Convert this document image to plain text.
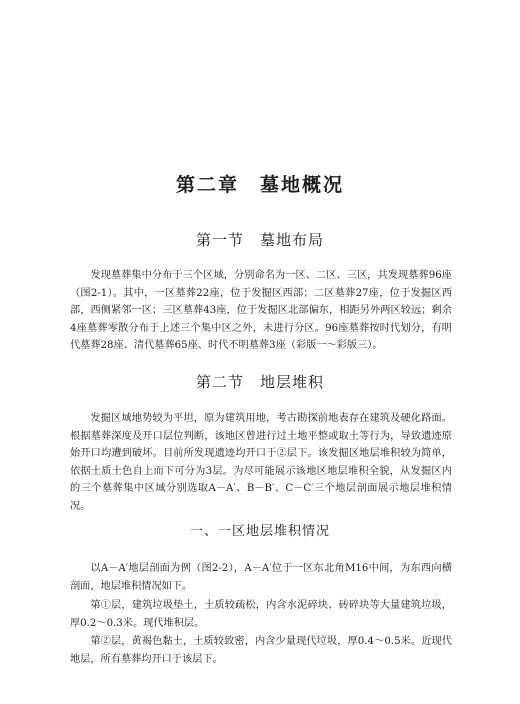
第二章　墓地概况
第一节　墓地布局

发现墓葬集中分布于三个区域，分别命名为一区、二区、三区，共发现墓葬96座（图2-1）。其中，一区墓葬22座，位于发掘区西部；二区墓葬27座，位于发掘区西部，西侧紧邻一区；三区墓葬43座，位于发掘区北部偏东，相距另外两区较远；剩余4座墓葬零散分布于上述三个集中区之外，未进行分区。96座墓葬按时代划分，有明代墓葬28座、清代墓葬65座、时代不明墓葬3座（彩版一～彩版三）。

第二节　地层堆积

发掘区域地势较为平坦，原为建筑用地，考古勘探前地表存在建筑及硬化路面。根据墓葬深度及开口层位判断，该地区曾进行过土地平整或取土等行为，导致遗迹原始开口均遭到破坏。目前所发现遗迹均开口于②层下。该发掘区地层堆积较为简单，依据土质土色自上而下可分为3层。为尽可能展示该地区地层堆积全貌，从发掘区内的三个墓葬集中区域分别选取A－A′、B－B′、C－C′三个地层剖面展示地层堆积情况。

一、一区地层堆积情况

以A－A′地层剖面为例（图2-2），A－A′位于一区东北角M16中间，为东西向横剖面，地层堆积情况如下。

第①层，建筑垃圾垫土，土质较疏松，内含水泥碎块、砖碎块等大量建筑垃圾，厚0.2～0.3米。现代堆积层。

第②层，黄褐色黏土，土质较致密，内含少量现代垃圾，厚0.4～0.5米。近现代地层，所有墓葬均开口于该层下。
